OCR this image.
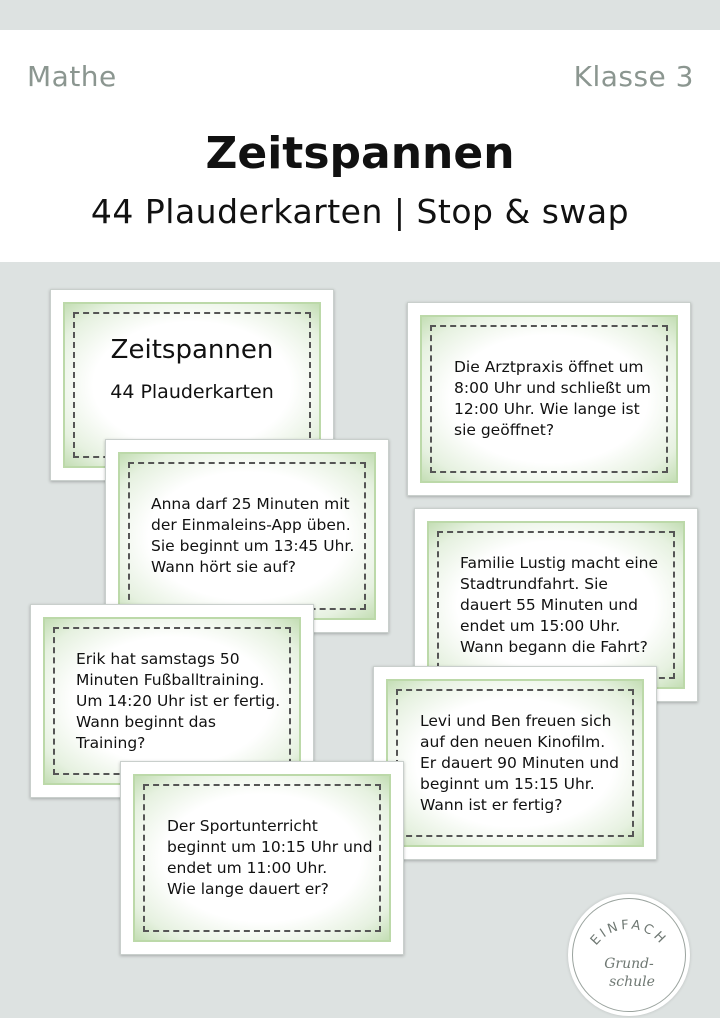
Mathe	Klasse 3
Zeitspannen
44 Plauderkarten | Stop & swap
Zeitspannen
44 Plauderkarten
Die Arztpraxis öffnet um
8:00 Uhr und schließt um
12:00 Uhr. Wie lange ist
sie geöffnet?
Anna darf 25 Minuten mit
der Einmaleins-App üben.
Sie beginnt um 13:45 Uhr.
Wann hört sie auf?	Familie Lustig macht eine
Stadtrundfahrt. Sie
dauert 55 Minuten und
endet um 15:00 Uhr.
Wann begann die Fahrt?
Erik hat samstags 50
Minuten Fußballtraining.
Um 14:20 Uhr ist er fertig.
Wann beginnt das Training?
Levi und Ben freuen sich
auf den neuen Kinofilm.
Er dauert 90 Minuten und
beginnt um 15:15 Uhr.
Wann ist er fertig?
Der Sportunterricht
beginnt um 10:15 Uhr und
endet um 11:00 Uhr.
Wie lange dauert er?
EINFACH
Grund-
schule
